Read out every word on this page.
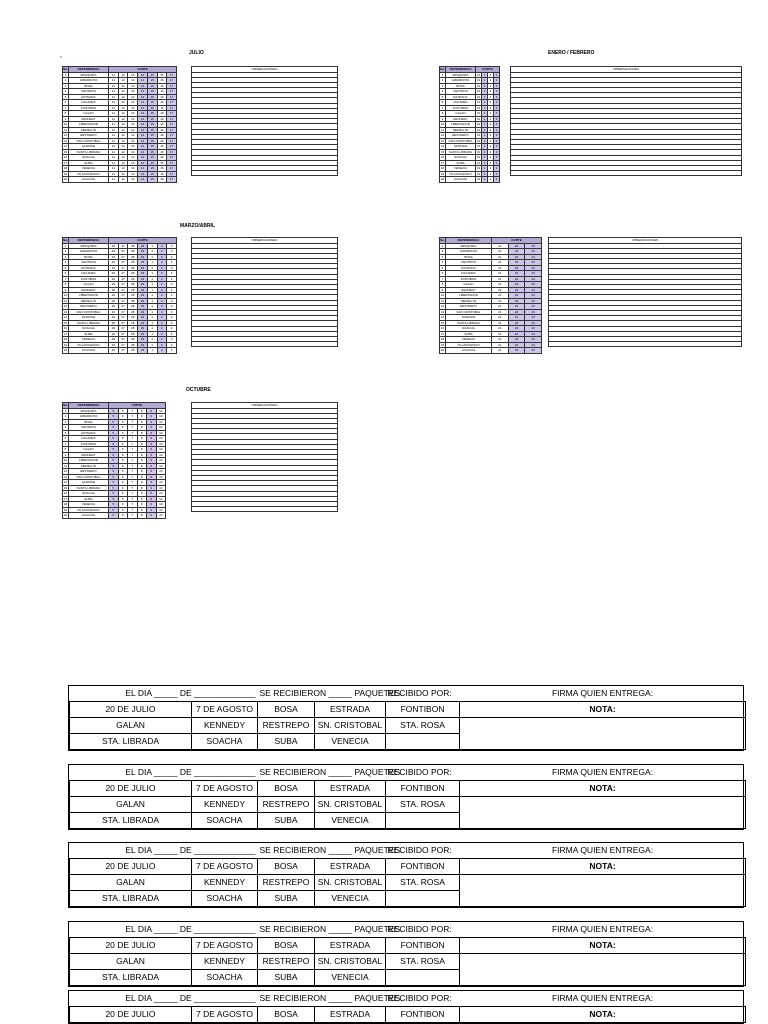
x
JULIO
No.	DEPENDENCIA	CORTE						
1	ZIPAQUIRA	11	12	13	14	15	16	17
2	GIRARDOTA	11	12	13	14	15	16	17
3	BOSA	11	12	13	14	15	16	17
4	CENTROS	11	12	13	14	15	16	17
5	ESTRADA	11	12	13	14	15	16	17
6	FACADES	11	12	13	14	15	16	17
7	FONTIBON	11	12	13	14	15	16	17
8	GALAN	11	12	13	14	15	16	17
9	KENNEDY	11	12	13	14	15	16	17
10	LIBERTADOR	11	12	13	14	15	16	17
11	MEDELLIN	11	12	13	14	15	16	17
12	RESTREPO	11	12	13	14	15	16	17
13	SAN CRISTOBAL	11	12	13	14	15	16	17
14	SANTAFE	11	12	13	14	15	16	17
15	SANTA LIBRADA	11	12	13	14	15	16	17
16	SOACHA	11	12	13	14	15	16	17
17	SUBA	11	12	13	14	15	16	17
18	VENECIA	11	12	13	14	15	16	17
19	VILLAVICENCIO	11	12	13	14	15	16	17
20	ACACIAS	11	12	13	14	15	16	17
OBSERVACIONES

ENERO / FEBRERO
No.	DEPENDENCIA	CORTE			
1	ZIPAQUIRA	31	1	2	3
2	GIRARDOTA	31	1	2	3
3	BOSA	31	1	2	3
4	CENTROS	31	1	2	3
5	ESTRADA	31	1	2	3
6	FACADES	31	1	2	3
7	FONTIBON	31	1	2	3
8	GALAN	31	1	2	3
9	KENNEDY	31	1	2	3
10	LIBERTADOR	31	1	2	3
11	MEDELLIN	31	1	2	3
12	RESTREPO	31	1	2	3
13	SAN CRISTOBAL	31	1	2	3
14	SANTAFE	31	1	2	3
15	SANTA LIBRADA	31	1	2	3
16	SOACHA	31	1	2	3
17	SUBA	31	1	2	3
18	VENECIA	31	1	2	3
19	VILLAVICENCIO	31	1	2	3
20	ACACIAS	31	1	2	3
OBSERVACIONES

MARZO/ABRIL
No.	DEPENDENCIA	CORTE						
1	ZIPAQUIRA	26	27	28	29	1	2	3
2	GIRARDOTA	26	27	28	29	1	2	3
3	BOSA	26	27	28	29	1	2	3
4	CENTROS	26	27	28	29	1	2	3
5	ESTRADA	26	27	28	29	1	2	3
6	FACADES	26	27	28	29	1	2	3
7	FONTIBON	26	27	28	29	1	2	3
8	GALAN	26	27	28	29	1	2	3
9	KENNEDY	26	27	28	29	1	2	3
10	LIBERTADOR	26	27	28	29	1	2	3
11	MEDELLIN	26	27	28	29	1	2	3
12	RESTREPO	26	27	28	29	1	2	3
13	SAN CRISTOBAL	26	27	28	29	1	2	3
14	SANTAFE	26	27	28	29	1	2	3
15	SANTA LIBRADA	26	27	28	29	1	2	3
16	SOACHA	26	27	28	29	1	2	3
17	SUBA	26	27	28	29	1	2	3
18	VENECIA	26	27	28	29	1	2	3
19	VILLAVICENCIO	26	27	28	29	1	2	3
20	ACACIAS	26	27	28	29	1	2	3
OBSERVACIONES	No.	DEPENDENCIA	CORTE		
1	ZIPAQUIRA	21	22	23
2	GIRARDOTA	21	22	23
3	BOSA	21	22	23
4	CENTROS	21	22	23
5	ESTRADA	21	22	23
6	FACADES	21	22	23
7	FONTIBON	21	22	23
8	GALAN	21	22	23
9	KENNEDY	21	22	23
10	LIBERTADOR	21	22	23
11	MEDELLIN	21	22	23
12	RESTREPO	21	22	23
13	SAN CRISTOBAL	21	22	23
14	SANTAFE	21	22	23
15	SANTA LIBRADA	21	22	23
16	SOACHA	21	22	23
17	SUBA	21	22	23
18	VENECIA	21	22	23
19	VILLAVICENCIO	21	22	23
20	ACACIAS	21	22	23
OBSERVACIONES

OCTUBRE
No.	DEPENDENCIA	CORTE					
1	ZIPAQUIRA	5	6	7	8	9	10
2	GIRARDOTA	5	6	7	8	9	10
3	BOSA	5	6	7	8	9	10
4	CENTROS	5	6	7	8	9	10
5	ESTRADA	5	6	7	8	9	10
6	FACADES	5	6	7	8	9	10
7	FONTIBON	5	6	7	8	9	10
8	GALAN	5	6	7	8	9	10
9	KENNEDY	5	6	7	8	9	10
10	LIBERTADOR	5	6	7	8	9	10
11	MEDELLIN	5	6	7	8	9	10
12	RESTREPO	5	6	7	8	9	10
13	SAN CRISTOBAL	5	6	7	8	9	10
14	SANTAFE	5	6	7	8	9	10
15	SANTA LIBRADA	5	6	7	8	9	10
16	SOACHA	5	6	7	8	9	10
17	SUBA	5	6	7	8	9	10
18	VENECIA	5	6	7	8	9	10
19	VILLAVICENCIO	5	6	7	8	9	10
20	ACACIAS	5	6	7	8	9	10
OBSERVACIONES

EL DIA _____ DE _____________		SE RECIBIERON _____ PAQUETES.		RECIBIDO POR:	FIRMA QUIEN ENTREGA:
20 DE JULIO	7 DE AGOSTO	BOSA	ESTRADA	FONTIBON	NOTA:
GALAN	KENNEDY	RESTREPO	SN. CRISTOBAL	STA. ROSA	
STA. LIBRADA	SOACHA	SUBA	VENECIA		
EL DIA _____ DE _____________		SE RECIBIERON _____ PAQUETES.		RECIBIDO POR:	FIRMA QUIEN ENTREGA:
20 DE JULIO	7 DE AGOSTO	BOSA	ESTRADA	FONTIBON	NOTA:
GALAN	KENNEDY	RESTREPO	SN. CRISTOBAL	STA. ROSA	
STA. LIBRADA	SOACHA	SUBA	VENECIA		
EL DIA _____ DE _____________		SE RECIBIERON _____ PAQUETES.		RECIBIDO POR:	FIRMA QUIEN ENTREGA:
20 DE JULIO	7 DE AGOSTO	BOSA	ESTRADA	FONTIBON	NOTA:
GALAN	KENNEDY	RESTREPO	SN. CRISTOBAL	STA. ROSA	
STA. LIBRADA	SOACHA	SUBA	VENECIA		
EL DIA _____ DE _____________		SE RECIBIERON _____ PAQUETES.		RECIBIDO POR:	FIRMA QUIEN ENTREGA:
20 DE JULIO	7 DE AGOSTO	BOSA	ESTRADA	FONTIBON	NOTA:
GALAN	KENNEDY	RESTREPO	SN. CRISTOBAL	STA. ROSA	
STA. LIBRADA	SOACHA	SUBA	VENECIA		
EL DIA _____ DE _____________		SE RECIBIERON _____ PAQUETES.		RECIBIDO POR:	FIRMA QUIEN ENTREGA:
20 DE JULIO	7 DE AGOSTO	BOSA	ESTRADA	FONTIBON	NOTA:
